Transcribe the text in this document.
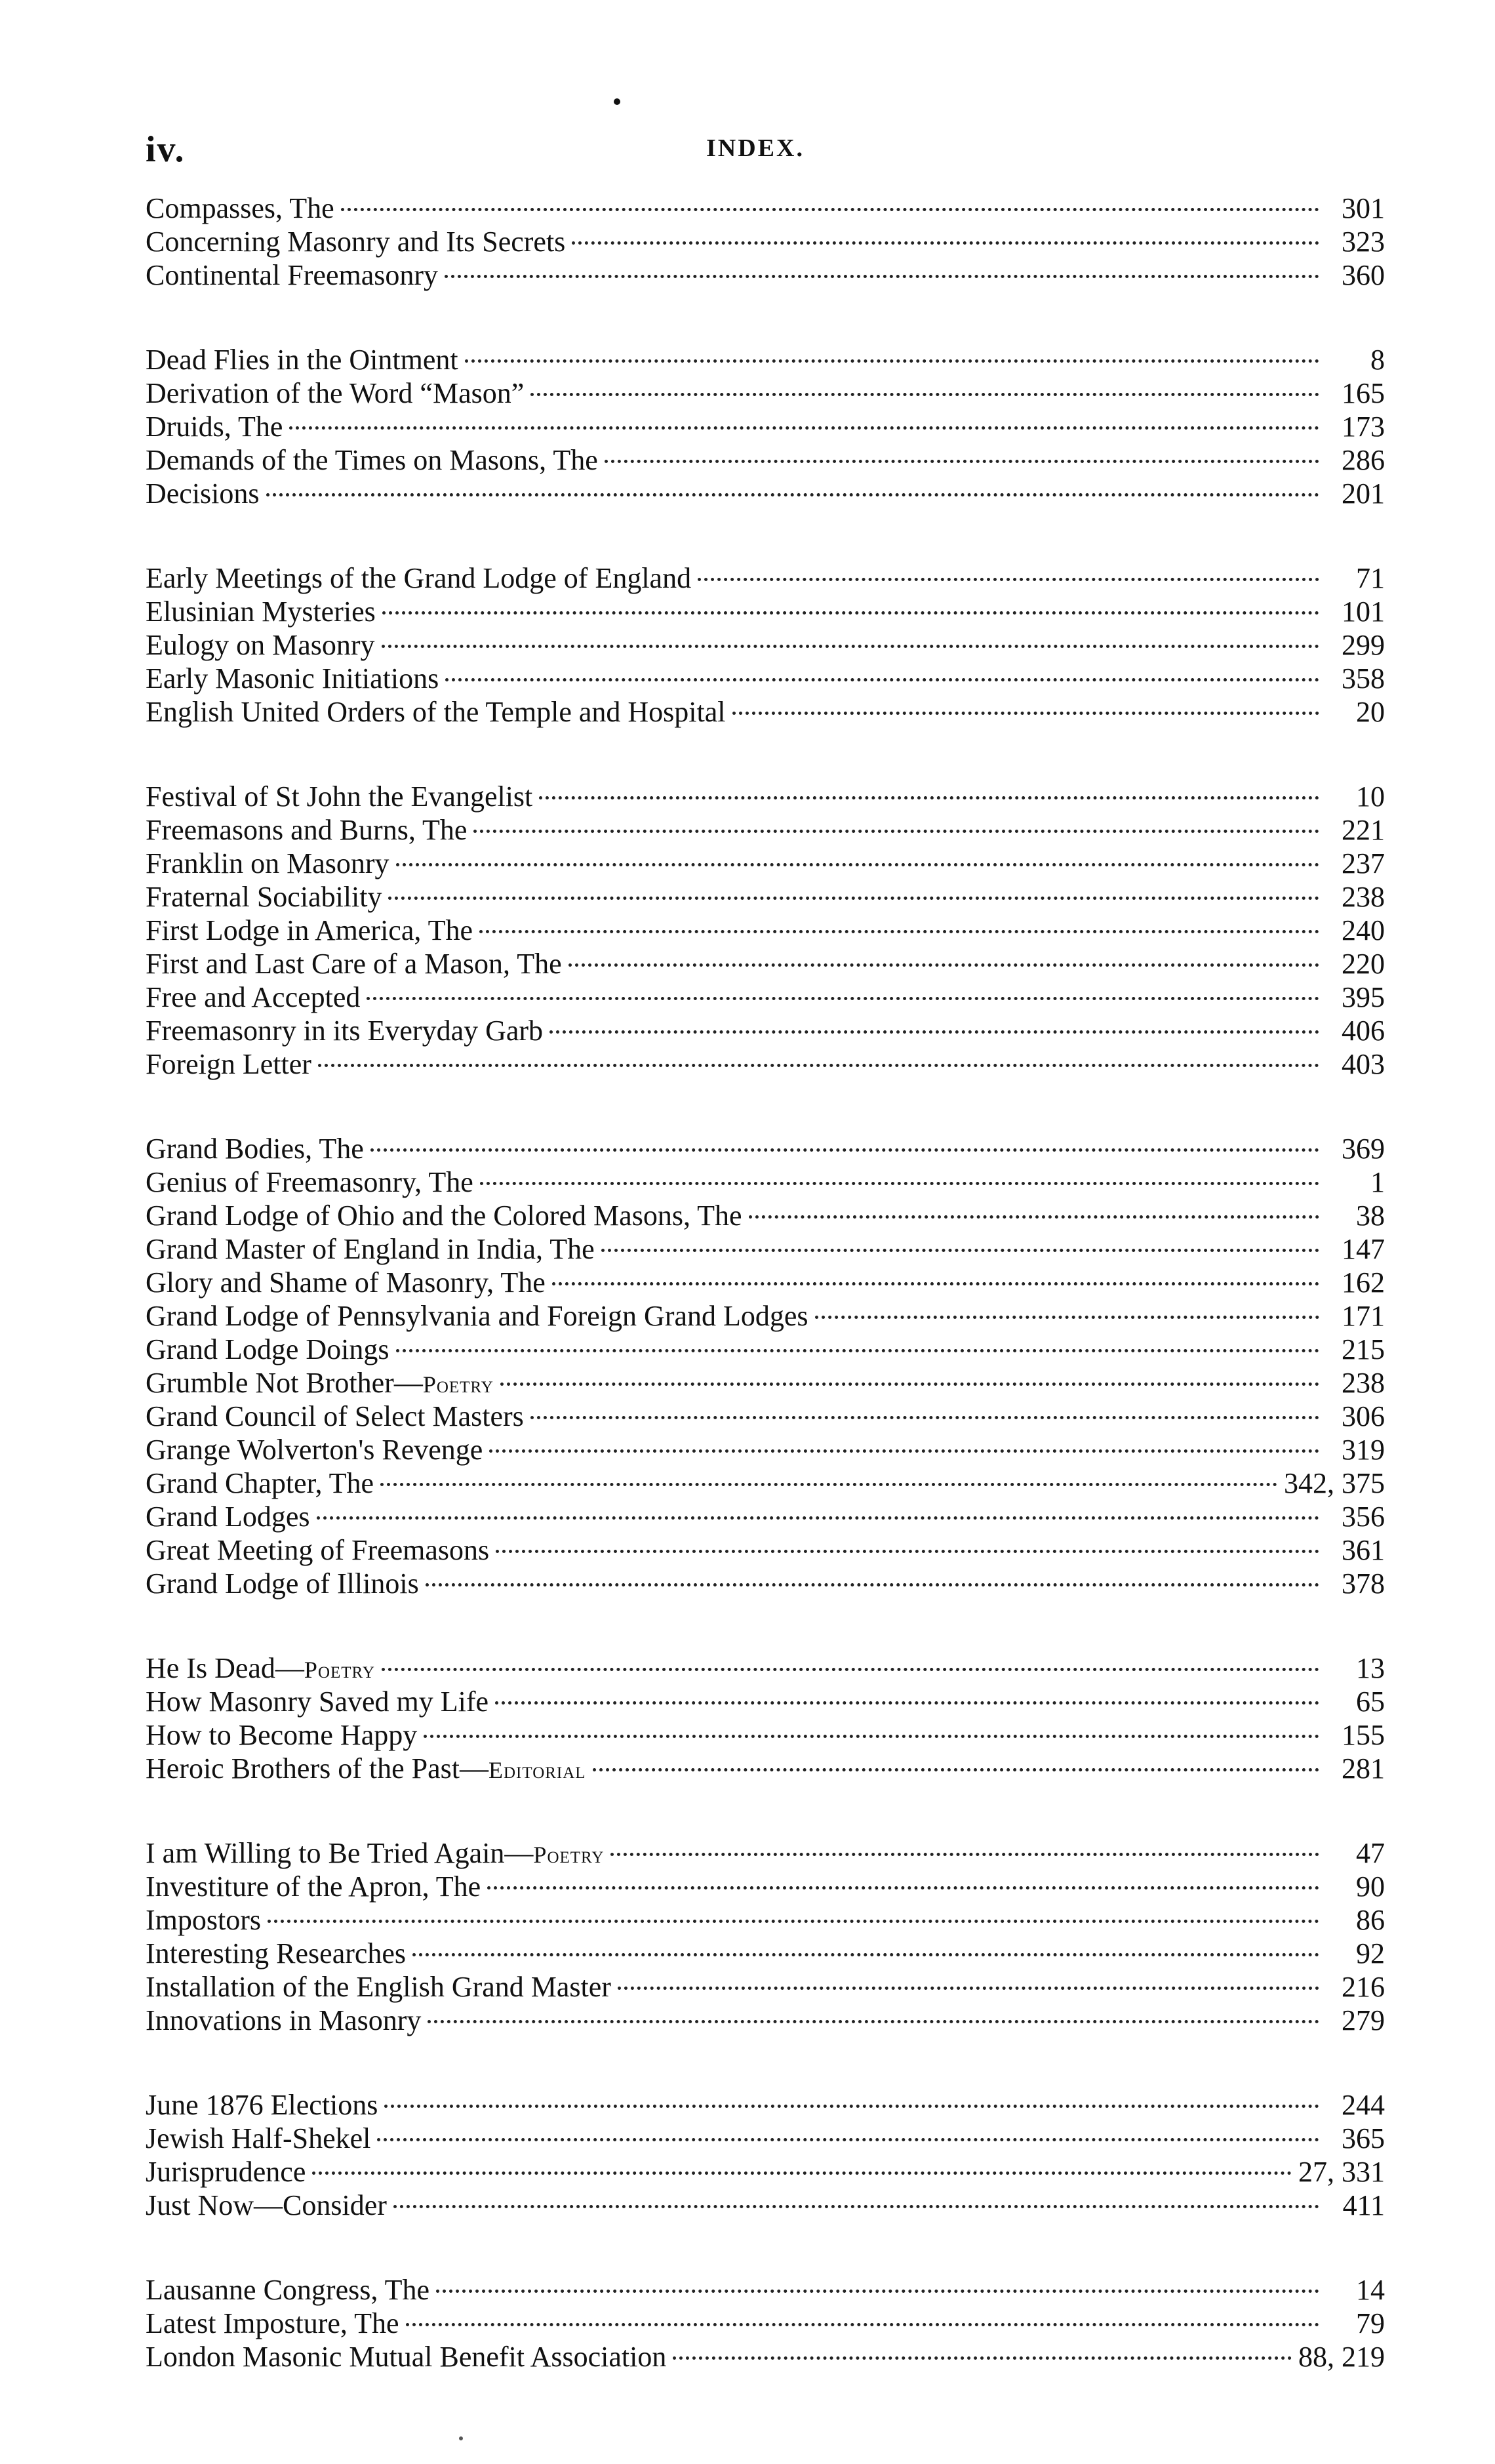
iv.	INDEX.
Compasses, The	301
Concerning Masonry and Its Secrets	323
Continental Freemasonry	360
Dead Flies in the Ointment	8
Derivation of the Word “Mason”	165
Druids, The	173
Demands of the Times on Masons, The	286
Decisions	201
Early Meetings of the Grand Lodge of England	71
Elusinian Mysteries	101
Eulogy on Masonry	299
Early Masonic Initiations	358
English United Orders of the Temple and Hospital	20
Festival of St John the Evangelist	10
Freemasons and Burns, The	221
Franklin on Masonry	237
Fraternal Sociability	238
First Lodge in America, The	240
First and Last Care of a Mason, The	220
Free and Accepted	395
Freemasonry in its Everyday Garb	406
Foreign Letter	403
Grand Bodies, The	369
Genius of Freemasonry, The	1
Grand Lodge of Ohio and the Colored Masons, The	38
Grand Master of England in India, The	147
Glory and Shame of Masonry, The	162
Grand Lodge of Pennsylvania and Foreign Grand Lodges	171
Grand Lodge Doings	215
Grumble Not Brother—Poetry	238
Grand Council of Select Masters	306
Grange Wolverton's Revenge	319
Grand Chapter, The	342, 375
Grand Lodges	356
Great Meeting of Freemasons	361
Grand Lodge of Illinois	378
He Is Dead—Poetry	13
How Masonry Saved my Life	65
How to Become Happy	155
Heroic Brothers of the Past—Editorial	281
I am Willing to Be Tried Again—Poetry	47
Investiture of the Apron, The	90
Impostors	86
Interesting Researches	92
Installation of the English Grand Master	216
Innovations in Masonry	279
June 1876 Elections	244
Jewish Half-Shekel	365
Jurisprudence	27, 331
Just Now—Consider	411
Lausanne Congress, The	14
Latest Imposture, The	79
London Masonic Mutual Benefit Association	88, 219
